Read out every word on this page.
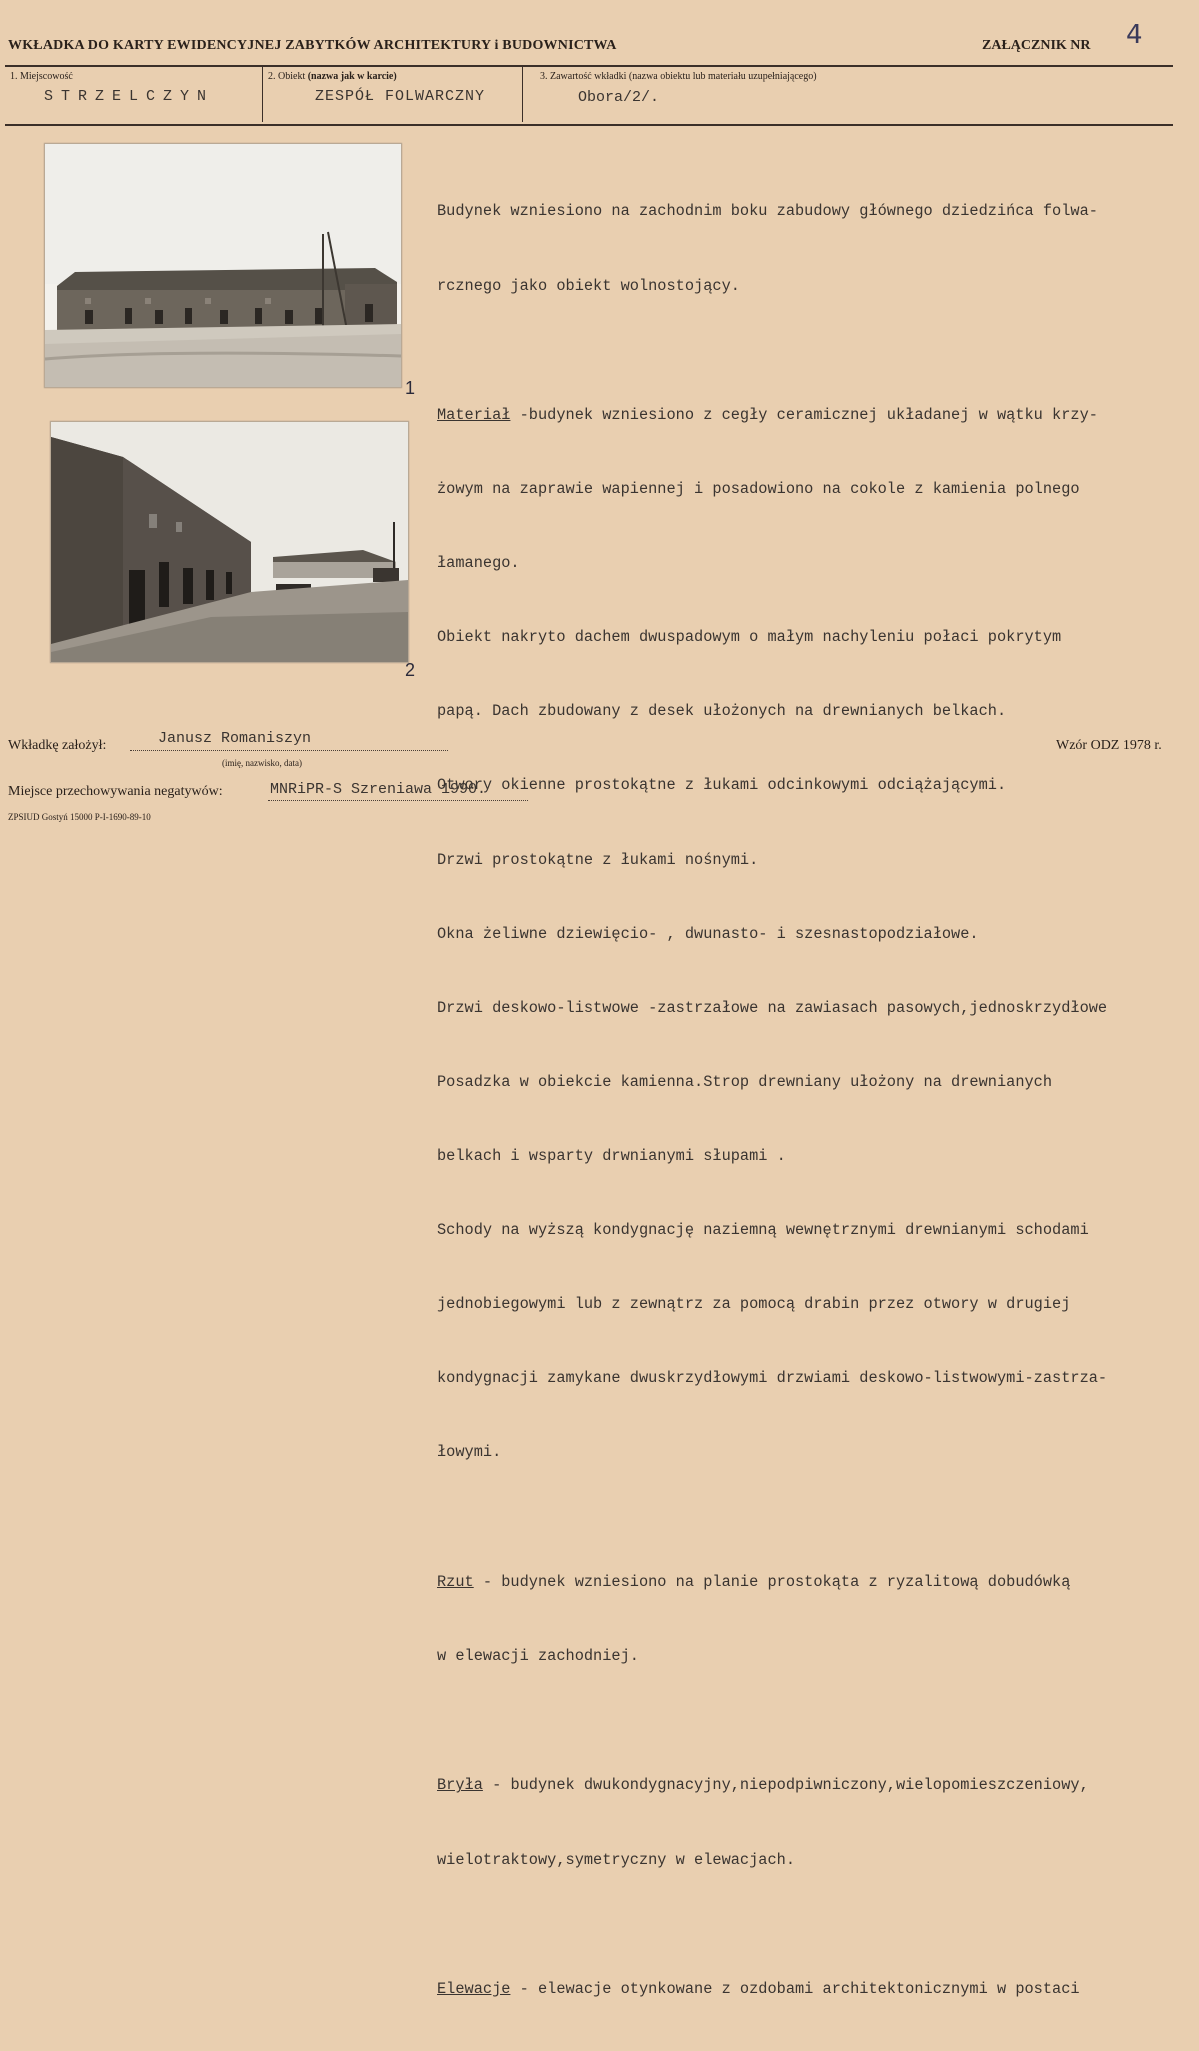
WKŁADKA DO KARTY EWIDENCYJNEJ ZABYTKÓW ARCHITEKTURY i BUDOWNICTWA	ZAŁĄCZNIK NR 4
1. Miejscowość
STRZELCZYN
2. Obiekt (nazwa jak w karcie)
ZESPÓŁ FOLWARCZNY
3. Zawartość wkładki (nazwa obiektu lub materiału uzupełniającego)
Obora/2/.
1
2

Budynek wzniesiono na zachodnim boku zabudowy głównego dziedzińca folwa-

rcznego jako obiekt wolnostojący.

Materiał -budynek wzniesiono z cegły ceramicznej układanej w wątku krzy-

żowym na zaprawie wapiennej i posadowiono na cokole z kamienia polnego

łamanego.

Obiekt nakryto dachem dwuspadowym o małym nachyleniu połaci pokrytym

papą. Dach zbudowany z desek ułożonych na drewnianych belkach.

Otwory okienne prostokątne z łukami odcinkowymi odciążającymi.

Drzwi prostokątne z łukami nośnymi.

Okna żeliwne dziewięcio- , dwunasto- i szesnastopodziałowe.

Drzwi deskowo-listwowe -zastrzałowe na zawiasach pasowych,jednoskrzydłowe

Posadzka w obiekcie kamienna.Strop drewniany ułożony na drewnianych

belkach i wsparty drwnianymi słupami .

Schody na wyższą kondygnację naziemną wewnętrznymi drewnianymi schodami

jednobiegowymi lub z zewnątrz za pomocą drabin przez otwory w drugiej

kondygnacji zamykane dwuskrzydłowymi drzwiami deskowo-listwowymi-zastrza-

łowymi.

Rzut - budynek wzniesiono na planie prostokąta z ryzalitową dobudówką

w elewacji zachodniej.

Bryła - budynek dwukondygnacyjny,niepodpiwniczony,wielopomieszczeniowy,

wielotraktowy,symetryczny w elewacjach.

Elewacje - elewacje otynkowane z ozdobami architektonicznymi w postaci

Wkładkę założył:	Janusz Romaniszyn
(imię, nazwisko, data)
Wzór ODZ 1978 r.
Miejsce przechowywania negatywów:	MNRiPR-S Szreniawa 1990.
ZPSIUD Gostyń 15000 P-I-1690-89-10
